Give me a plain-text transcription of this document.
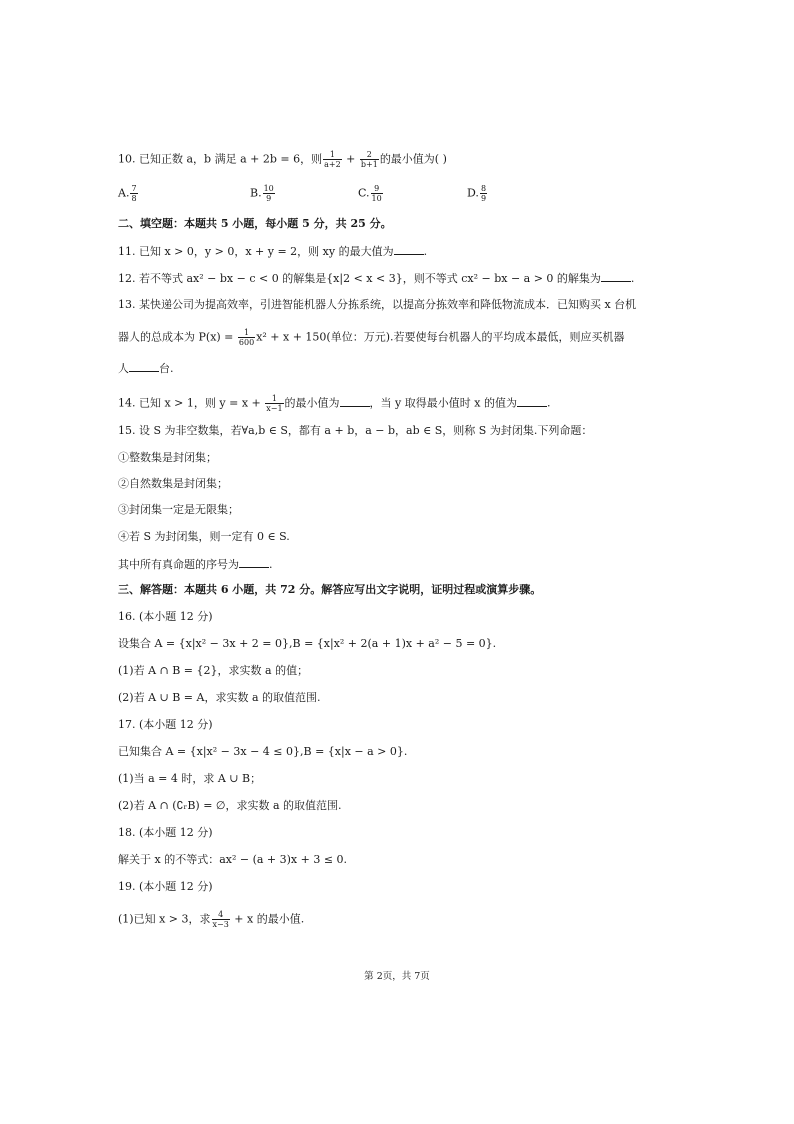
10. 已知正数 a，b 满足 a + 2b = 6，则 $\frac{1}{a+2} + \frac{2}{b+1}$ 的最小值为( )
A. $\frac{7}{8}$	B. $\frac{10}{9}$	C. $\frac{9}{10}$	D. $\frac{8}{9}$
二、填空题：本题共 5 小题，每小题 5 分，共 25 分。
11. 已知 x > 0，y > 0，x + y = 2，则 xy 的最大值为	.
12. 若不等式 ax² − bx − c < 0 的解集是{x|2 < x < 3}，则不等式 cx² − bx − a > 0 的解集为	.
13. 某快递公司为提高效率，引进智能机器人分拣系统，以提高分拣效率和降低物流成本．已知购买 x 台机
器人的总成本为 $P(x) = \frac{1}{600} x^2 + x + 150$(单位：万元).若要使每台机器人的平均成本最低，则应买机器
人	台.
14. 已知 x > 1，则 $y = x + \frac{1}{x-1}$ 的最小值为	，当 y 取得最小值时 x 的值为	.
15. 设 S 为非空数集，若∀a,b ∈ S，都有 a + b，a − b，ab ∈ S，则称 S 为封闭集.下列命题：
①整数集是封闭集；
②自然数集是封闭集；
③封闭集一定是无限集；
④若 S 为封闭集，则一定有 0 ∈ S.
其中所有真命题的序号为	.
三、解答题：本题共 6 小题，共 72 分。解答应写出文字说明，证明过程或演算步骤。
16. (本小题 12 分)
设集合 A = {x|x² − 3x + 2 = 0},B = {x|x² + 2(a + 1)x + a² − 5 = 0}.
(1)若 A ∩ B = {2}，求实数 a 的值；
(2)若 A ∪ B = A，求实数 a 的取值范围.
17. (本小题 12 分)
已知集合 A = {x|x² − 3x − 4 ≤ 0},B = {x|x − a > 0}.
(1)当 a = 4 时，求 A ∪ B；
(2)若 A ∩ (∁ᵣB) = ∅，求实数 a 的取值范围.
18. (本小题 12 分)
解关于 x 的不等式：ax² − (a + 3)x + 3 ≤ 0.
19. (本小题 12 分)
(1)已知 x > 3，求 $\frac{4}{x-3} + x$ 的最小值.
第 2页，共 7页
